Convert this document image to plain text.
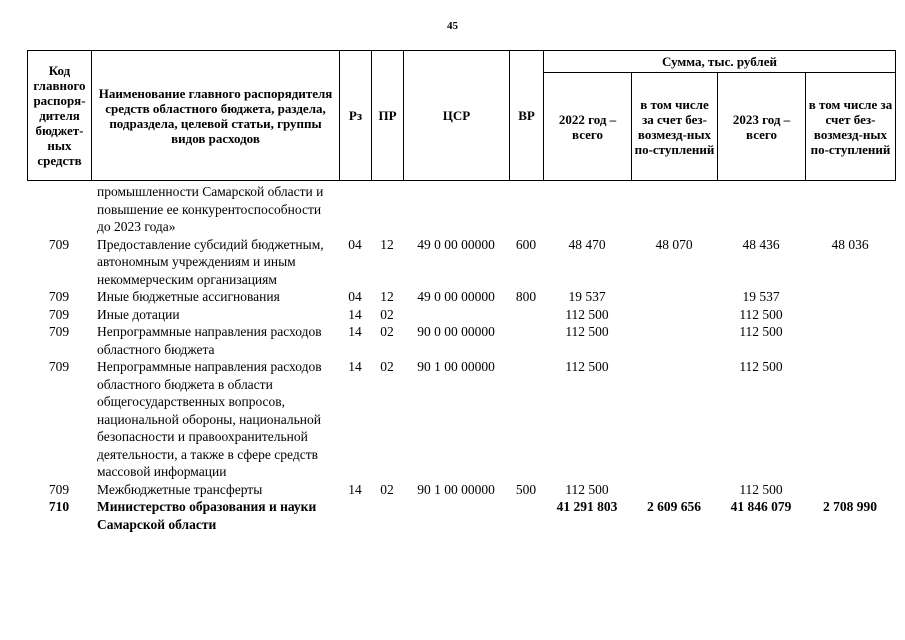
45
Код главного распоря-дителя бюджет-ных средств	Наименование главного распорядителя средств областного бюджета, раздела, подраздела, целевой статьи, группы видов расходов	Рз	ПР	ЦСР	ВР	Сумма, тыс. рублей			
						2022 год – всего	в том числе за счет без-возмезд-ных по-ступлений	2023 год – всего	в том числе за счет без-возмезд-ных по-ступлений
	промышленности Самарской области и повышение ее конкурентоспособности до 2023 года»								
709	Предоставление субсидий бюджетным, автономным учреждениям и иным некоммерческим организациям	04	12	49 0 00 00000	600	48 470	48 070	48 436	48 036
709	Иные бюджетные ассигнования	04	12	49 0 00 00000	800	19 537		19 537	
709	Иные дотации	14	02			112 500		112 500	
709	Непрограммные направления расходов областного бюджета	14	02	90 0 00 00000		112 500		112 500	
709	Непрограммные направления расходов областного бюджета в области общегосударственных вопросов, национальной обороны, национальной безопасности и правоохранительной деятельности, а также в сфере средств массовой информации	14	02	90 1 00 00000		112 500		112 500	
709	Межбюджетные трансферты	14	02	90 1 00 00000	500	112 500		112 500	
710	Министерство образования и науки Самарской области					41 291 803	2 609 656	41 846 079	2 708 990
